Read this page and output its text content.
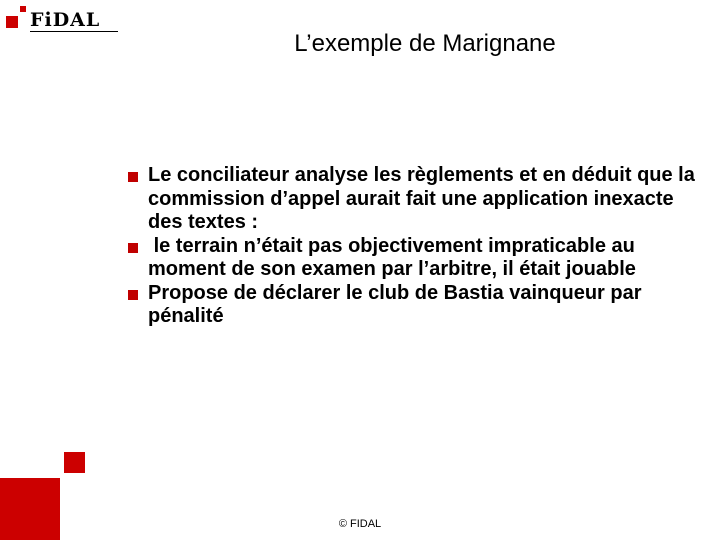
FiDAL
L’exemple de Marignane
Le conciliateur analyse les règlements et en déduit que la commission d’appel aurait fait une application inexacte des textes :
le terrain n’était pas objectivement impraticable au moment de son examen par l’arbitre, il était jouable
Propose de déclarer le club de Bastia vainqueur par pénalité
© FIDAL
